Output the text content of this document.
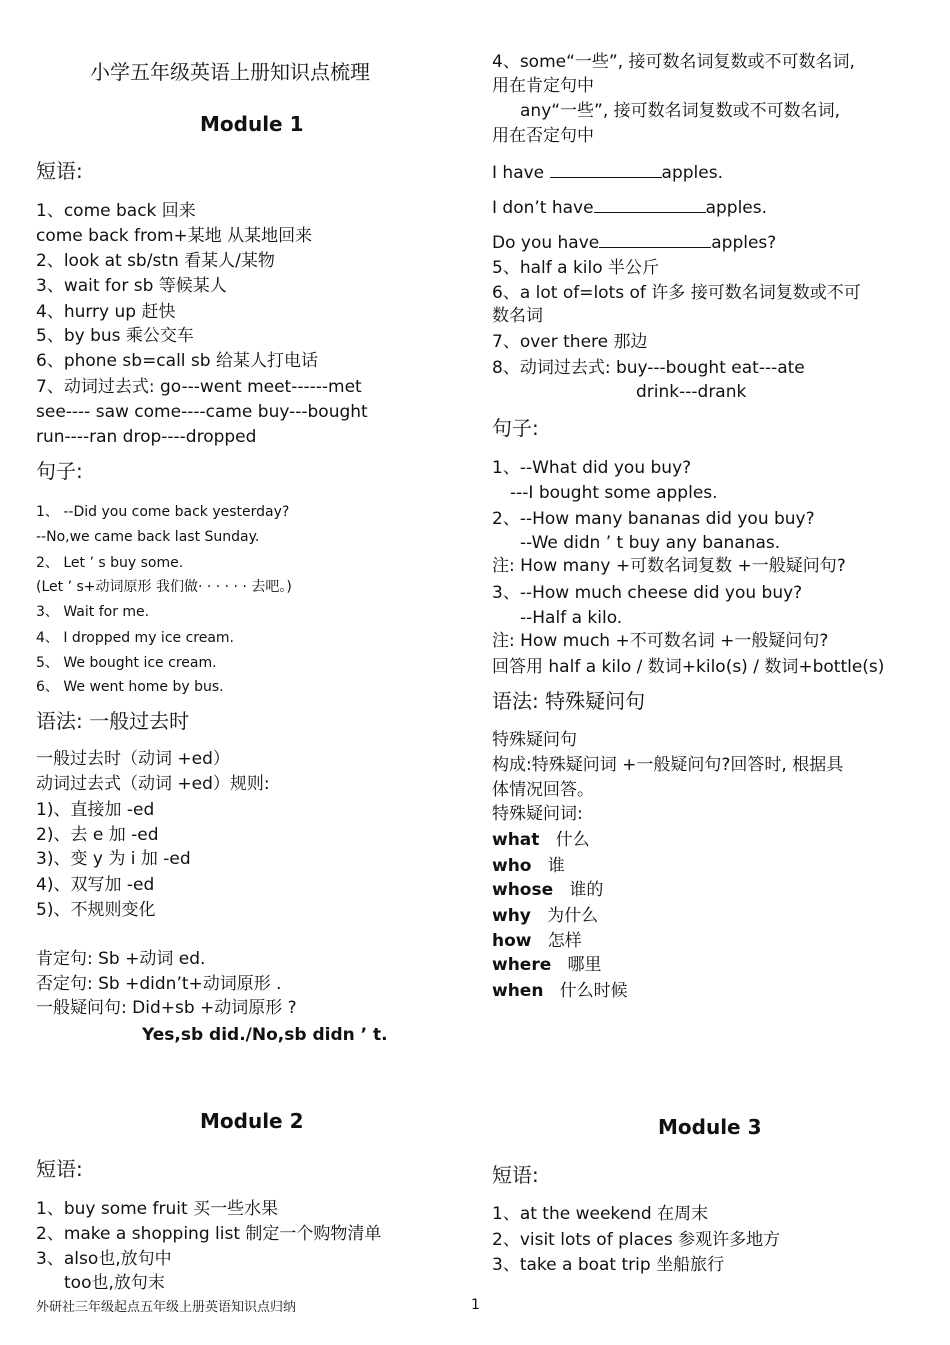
小学五年级英语上册知识点梳理
Module 1
短语:
1、come back 回来
come back from+某地 从某地回来
2、look at sb/stn 看某人/某物
3、wait for sb 等候某人
4、hurry up 赶快
5、by bus 乘公交车
6、phone sb=call sb 给某人打电话
7、动词过去式: go---went meet------met
see---- saw come----came buy---bought
run----ran drop----dropped
句子:
1、 --Did you come back yesterday?
--No,we came back last Sunday.
2、 Let ’ s buy some.
(Let ’ s+动词原形 我们做· · · · · · 去吧。)
3、 Wait for me.
4、 I dropped my ice cream.
5、 We bought ice cream.
6、 We went home by bus.
语法: 一般过去时
一般过去时（动词 +ed）
动词过去式（动词 +ed）规则:
1)、直接加 -ed
2)、去 e 加 -ed
3)、变 y 为 i 加 -ed
4)、双写加 -ed
5)、不规则变化
肯定句: Sb +动词 ed.
否定句: Sb +didn’t+动词原形 .
一般疑问句: Did+sb +动词原形 ?
Yes,sb did./No,sb didn ’ t.
Module 2
短语:
1、buy some fruit 买一些水果
2、make a shopping list 制定一个购物清单
3、also也,放句中
too也,放句末
外研社三年级起点五年级上册英语知识点归纳
4、some“一些”, 接可数名词复数或不可数名词,
用在肯定句中
any“一些”, 接可数名词复数或不可数名词,
用在否定句中
I have	apples.
I don’t have	apples.
Do you have	apples?
5、half a kilo 半公斤
6、a lot of=lots of 许多 接可数名词复数或不可
数名词
7、over there 那边
8、动词过去式: buy---bought eat---ate
drink---drank
句子:
1、--What did you buy?
---I bought some apples.
2、--How many bananas did you buy?
--We didn ’ t buy any bananas.
注: How many +可数名词复数 +一般疑问句?
3、--How much cheese did you buy?
--Half a kilo.
注: How much +不可数名词 +一般疑问句?
回答用 half a kilo / 数词+kilo(s) / 数词+bottle(s)
语法: 特殊疑问句
特殊疑问句
构成:特殊疑问词 +一般疑问句?回答时, 根据具
体情况回答。
特殊疑问词:
what 什么
who 谁
whose 谁的
why 为什么
how 怎样
where 哪里
when 什么时候
Module 3
短语:
1、at the weekend 在周末
2、visit lots of places 参观许多地方
3、take a boat trip 坐船旅行
1
